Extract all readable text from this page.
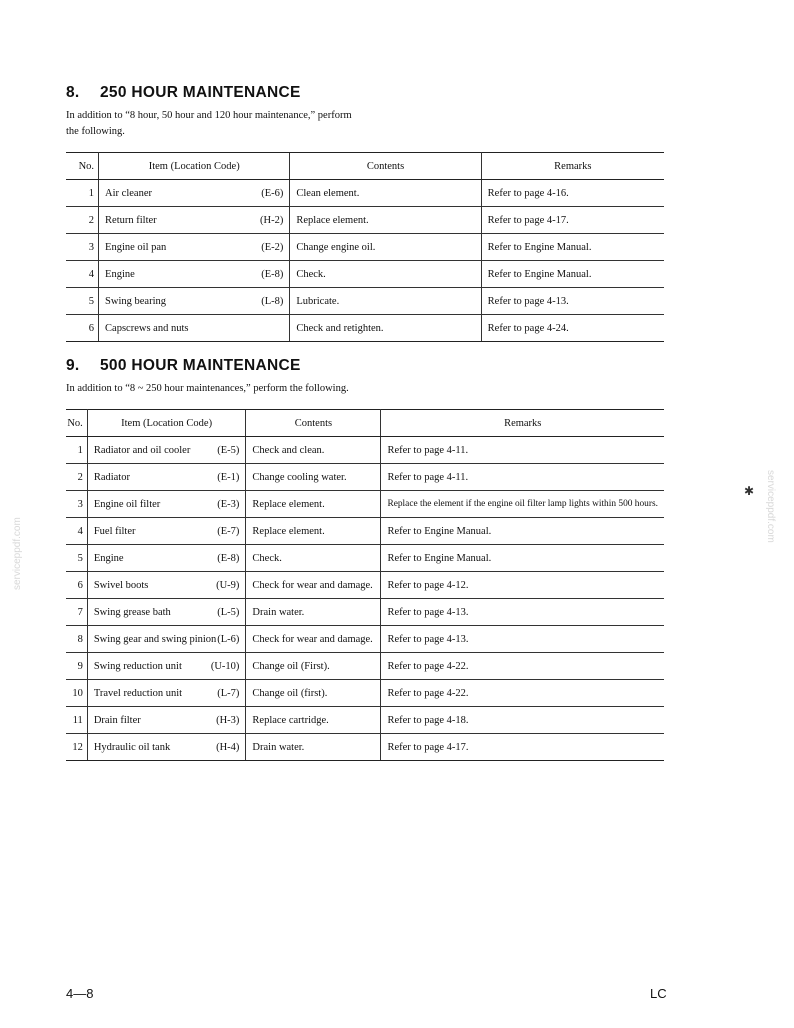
8. 250 HOUR MAINTENANCE

In addition to “8 hour, 50 hour and 120 hour maintenance,” perform the following.

No.	Item (Location Code)	Contents	Remarks
1	Air cleaner (E-6)	Clean element.	Refer to page 4-16.
2	Return filter (H-2)	Replace element.	Refer to page 4-17.
3	Engine oil pan (E-2)	Change engine oil.	Refer to Engine Manual.
4	Engine (E-8)	Check.	Refer to Engine Manual.
5	Swing bearing (L-8)	Lubricate.	Refer to page 4-13.
6	Capscrews and nuts	Check and retighten.	Refer to page 4-24.
9. 500 HOUR MAINTENANCE

In addition to “8 ~ 250 hour maintenances,” perform the following.

No.	Item (Location Code)	Contents	Remarks
1	Radiator and oil cooler (E-5)	Check and clean.	Refer to page 4-11.
2	Radiator (E-1)	Change cooling water.	Refer to page 4-11.
3	Engine oil filter (E-3)	Replace element.	Replace the element if the engine oil filter lamp lights within 500 hours.
4	Fuel filter (E-7)	Replace element.	Refer to Engine Manual.
5	Engine (E-8)	Check.	Refer to Engine Manual.
6	Swivel boots (U-9)	Check for wear and damage.	Refer to page 4-12.
7	Swing grease bath (L-5)	Drain water.	Refer to page 4-13.
8	Swing gear and swing pinion (L-6)	Check for wear and damage.	Refer to page 4-13.
9	Swing reduction unit (U-10)	Change oil (First).	Refer to page 4-22.
10	Travel reduction unit (L-7)	Change oil (first).	Refer to page 4-22.
11	Drain filter (H-3)	Replace cartridge.	Refer to page 4-18.
12	Hydraulic oil tank (H-4)	Drain water.	Refer to page 4-17.
4—8	LC
serviceppdf.com
serviceppdf.com
✱
